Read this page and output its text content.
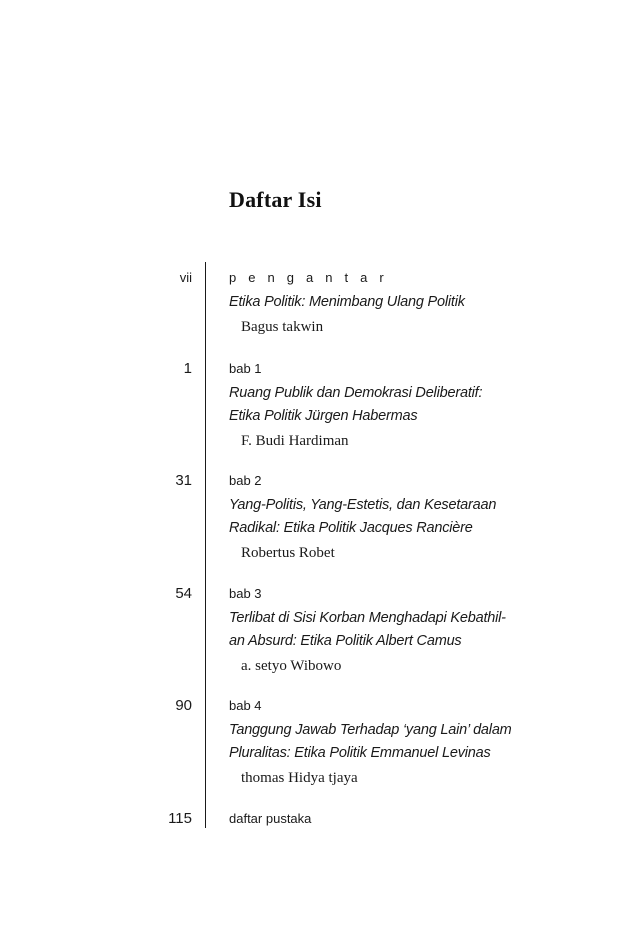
Daftar Isi
vii	p e n g a n t a r
Etika Politik: Menimbang Ulang Politik
Bagus takwin
1	bab 1
Ruang Publik dan Demokrasi Deliberatif:
Etika Politik Jürgen Habermas
F. Budi Hardiman
31	bab 2
Yang-Politis, Yang-Estetis, dan Kesetaraan
Radikal: Etika Politik Jacques Rancière
Robertus Robet
54	bab 3
Terlibat di Sisi Korban Menghadapi Kebathil-
an Absurd: Etika Politik Albert Camus
a. setyo Wibowo
90	bab 4
Tanggung Jawab Terhadap ‘yang Lain’ dalam
Pluralitas: Etika Politik Emmanuel Levinas
thomas Hidya tjaya
115	daftar pustaka
